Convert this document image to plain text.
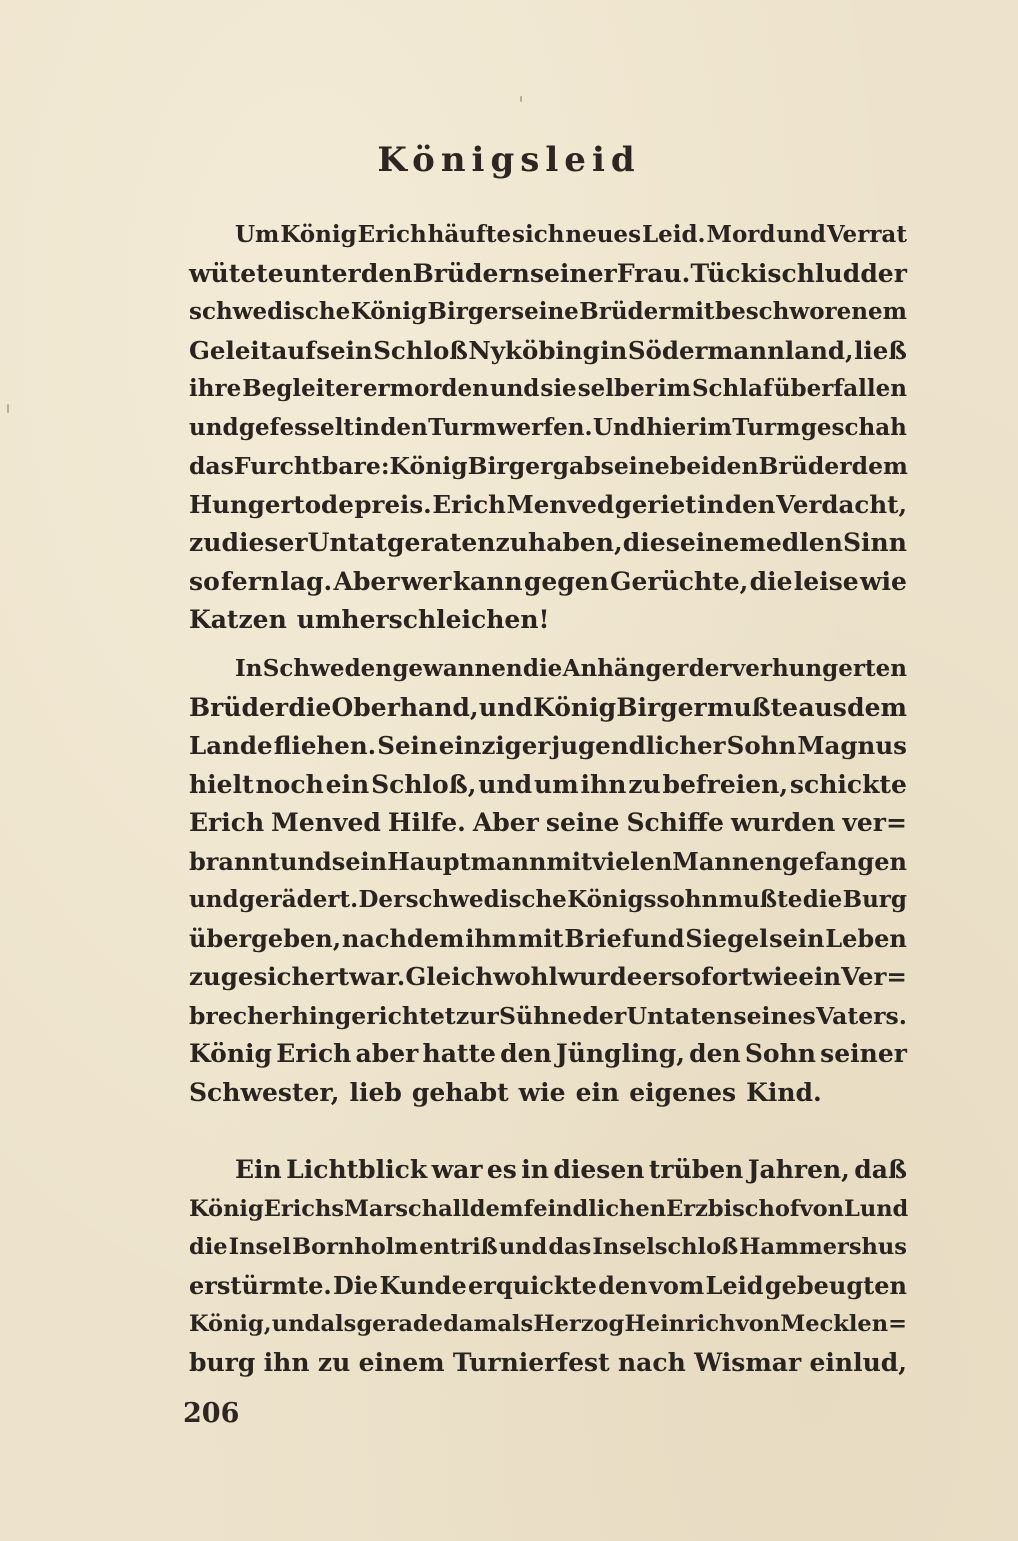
Königsleid
Um König Erich häufte sich neues Leid. Mord und Verrat
wütete unter den Brüdern seiner Frau. Tückisch lud der
schwedische König Birger seine Brüder mit beschworenem
Geleit auf sein Schloß Nyköbing in Södermannland, ließ
ihre Begleiter ermorden und sie selber im Schlaf überfallen
und gefesselt in den Turm werfen. Und hier im Turm geschah
das Furchtbare: König Birger gab seine beiden Brüder dem
Hungertode preis. Erich Menved geriet in den Verdacht,
zu dieser Untat geraten zu haben, die seinem edlen Sinn
so fern lag. Aber wer kann gegen Gerüchte, die leise wie
Katzen umherschleichen!
In Schweden gewannen die Anhänger der verhungerten
Brüder die Oberhand, und König Birger mußte aus dem
Lande fliehen. Sein einziger jugendlicher Sohn Magnus
hielt noch ein Schloß, und um ihn zu befreien, schickte
Erich Menved Hilfe. Aber seine Schiffe wurden ver=
brannt und sein Hauptmann mit vielen Mannen gefangen
und gerädert. Der schwedische Königssohn mußte die Burg
übergeben, nachdem ihm mit Brief und Siegel sein Leben
zugesichert war. Gleichwohl wurde er sofort wie ein Ver=
brecher hingerichtet zur Sühne der Untaten seines Vaters.
König Erich aber hatte den Jüngling, den Sohn seiner
Schwester, lieb gehabt wie ein eigenes Kind.
Ein Lichtblick war es in diesen trüben Jahren, daß
König Erichs Marschall dem feindlichen Erzbischof von Lund
die Insel Bornholm entriß und das Inselschloß Hammershus
erstürmte. Die Kunde erquickte den vom Leid gebeugten
König, und als gerade damals Herzog Heinrich von Mecklen=
burg ihn zu einem Turnierfest nach Wismar einlud,
206
